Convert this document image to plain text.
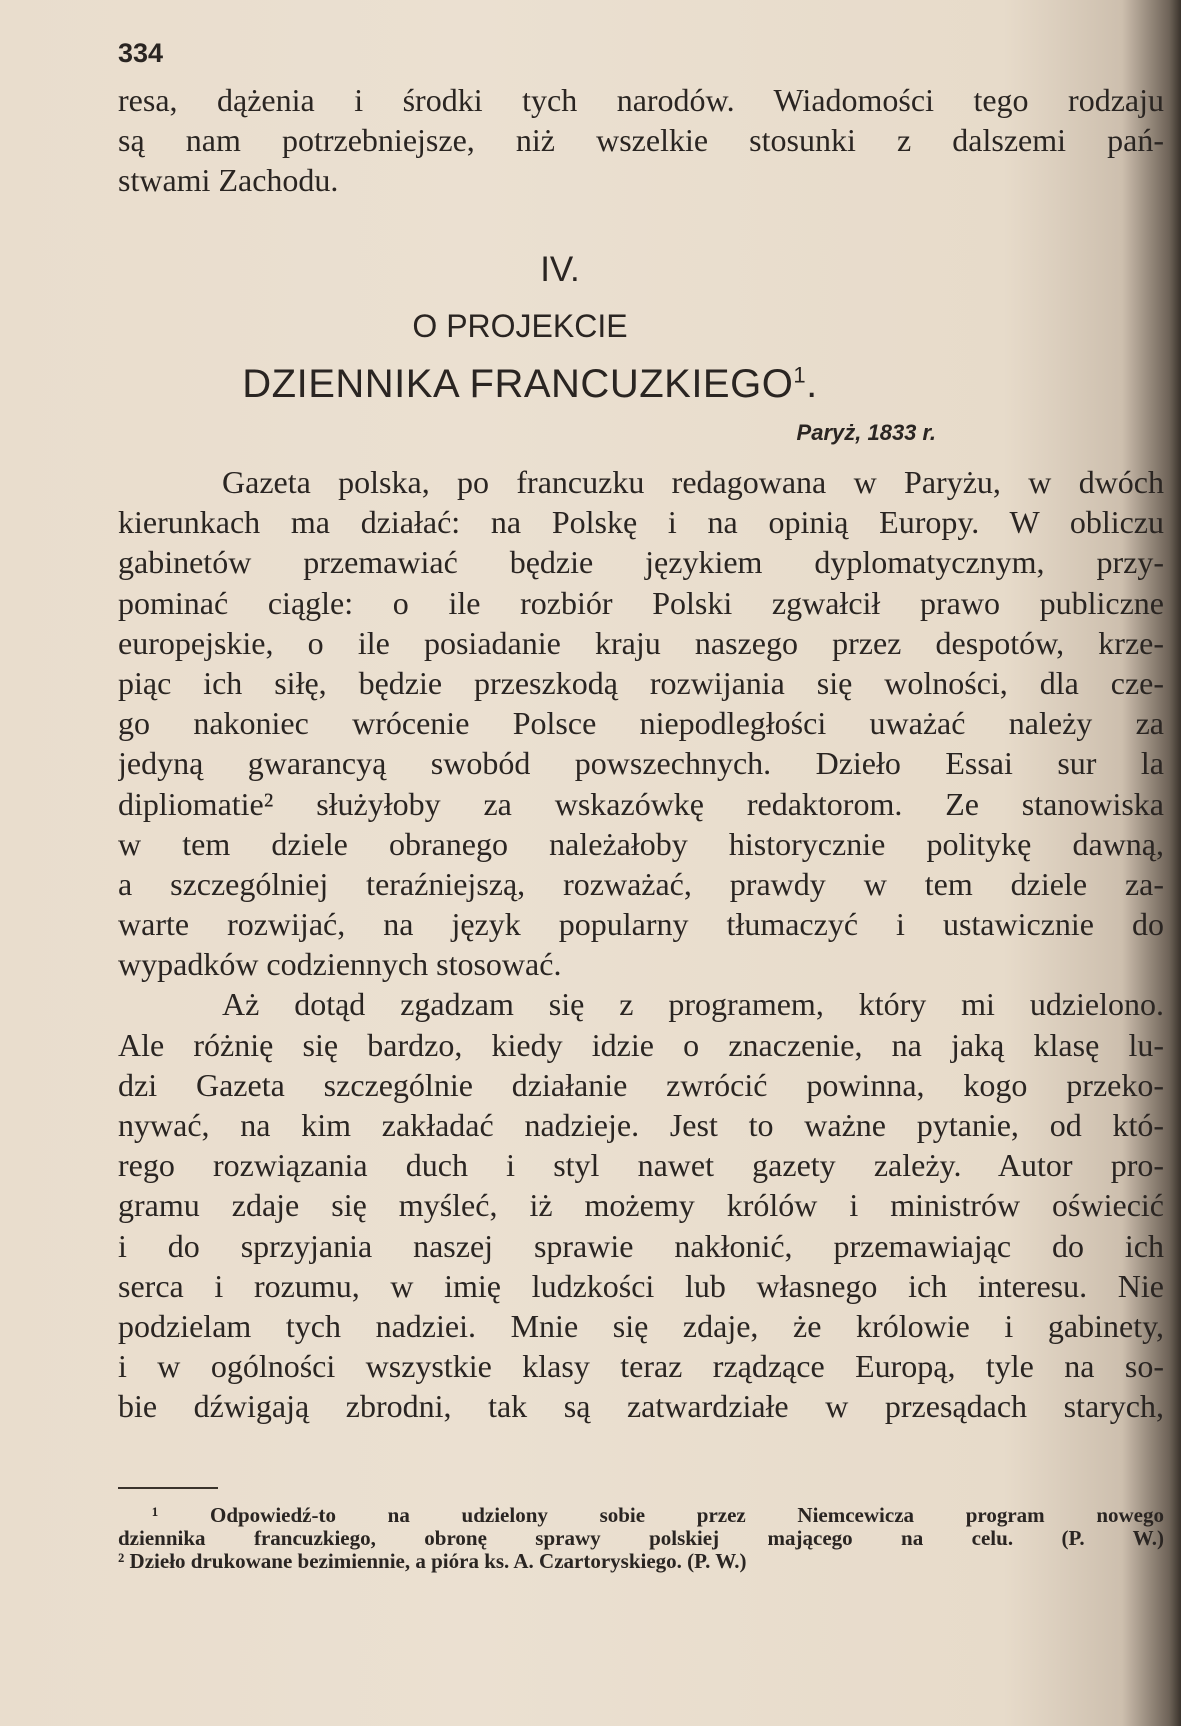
334
resa, dążenia i środki tych narodów. Wiadomości tego rodzaju
są nam potrzebniejsze, niż wszelkie stosunki z dalszemi pań-
stwami Zachodu.
IV.
O PROJEKCIE
DZIENNIKA FRANCUZKIEGO$^1$.
Paryż, 1833 r.
Gazeta polska, po francuzku redagowana w Paryżu, w dwóch
kierunkach ma działać: na Polskę i na opinią Europy. W obliczu
gabinetów przemawiać będzie językiem dyplomatycznym, przy-
pominać ciągle: o ile rozbiór Polski zgwałcił prawo publiczne
europejskie, o ile posiadanie kraju naszego przez despotów, krze-
piąc ich siłę, będzie przeszkodą rozwijania się wolności, dla cze-
go nakoniec wrócenie Polsce niepodległości uważać należy za
jedyną gwarancyą swobód powszechnych. Dzieło Essai sur la
dipliomatie² służyłoby za wskazówkę redaktorom. Ze stanowiska
w tem dziele obranego należałoby historycznie politykę dawną,
a szczególniej teraźniejszą, rozważać, prawdy w tem dziele za-
warte rozwijać, na język popularny tłumaczyć i ustawicznie do
wypadków codziennych stosować.
Aż dotąd zgadzam się z programem, który mi udzielono.
Ale różnię się bardzo, kiedy idzie o znaczenie, na jaką klasę lu-
dzi Gazeta szczególnie działanie zwrócić powinna, kogo przeko-
nywać, na kim zakładać nadzieje. Jest to ważne pytanie, od któ-
rego rozwiązania duch i styl nawet gazety zależy. Autor pro-
gramu zdaje się myśleć, iż możemy królów i ministrów oświecić
i do sprzyjania naszej sprawie nakłonić, przemawiając do ich
serca i rozumu, w imię ludzkości lub własnego ich interesu. Nie
podzielam tych nadziei. Mnie się zdaje, że królowie i gabinety,
i w ogólności wszystkie klasy teraz rządzące Europą, tyle na so-
bie dźwigają zbrodni, tak są zatwardziałe w przesądach starych,
¹ Odpowiedź-to na udzielony sobie przez Niemcewicza program nowego
dziennika francuzkiego, obronę sprawy polskiej mającego na celu. (P. W.)
² Dzieło drukowane bezimiennie, a pióra ks. A. Czartoryskiego. (P. W.)
